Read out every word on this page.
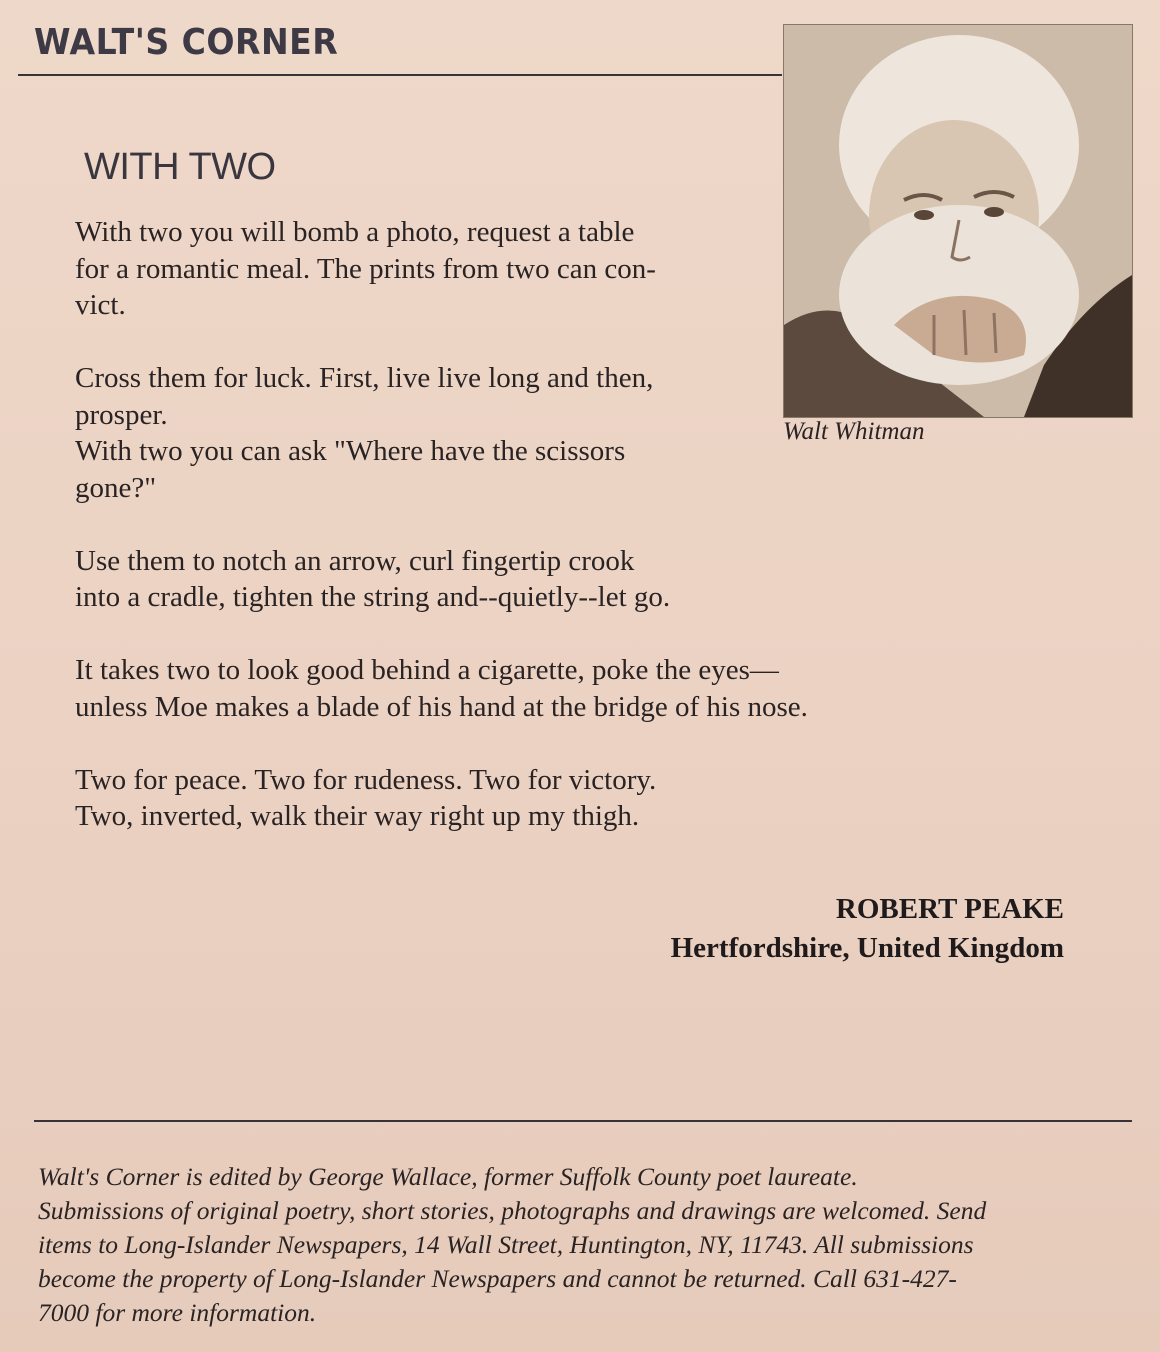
WALT'S CORNER
Walt Whitman
WITH TWO
With two you will bomb a photo, request a table
for a romantic meal. The prints from two can con-
vict.
Cross them for luck. First, live live long and then,
prosper.
With two you can ask "Where have the scissors
gone?"
Use them to notch an arrow, curl fingertip crook
into a cradle, tighten the string and--quietly--let go.
It takes two to look good behind a cigarette, poke the eyes—
unless Moe makes a blade of his hand at the bridge of his nose.
Two for peace. Two for rudeness. Two for victory.
Two, inverted, walk their way right up my thigh.
ROBERT PEAKE
Hertfordshire, United Kingdom
Walt's Corner is edited by George Wallace, former Suffolk County poet laureate.
Submissions of original poetry, short stories, photographs and drawings are welcomed. Send
items to Long-Islander Newspapers, 14 Wall Street, Huntington, NY, 11743. All submissions
become the property of Long-Islander Newspapers and cannot be returned. Call 631-427-
7000 for more information.
